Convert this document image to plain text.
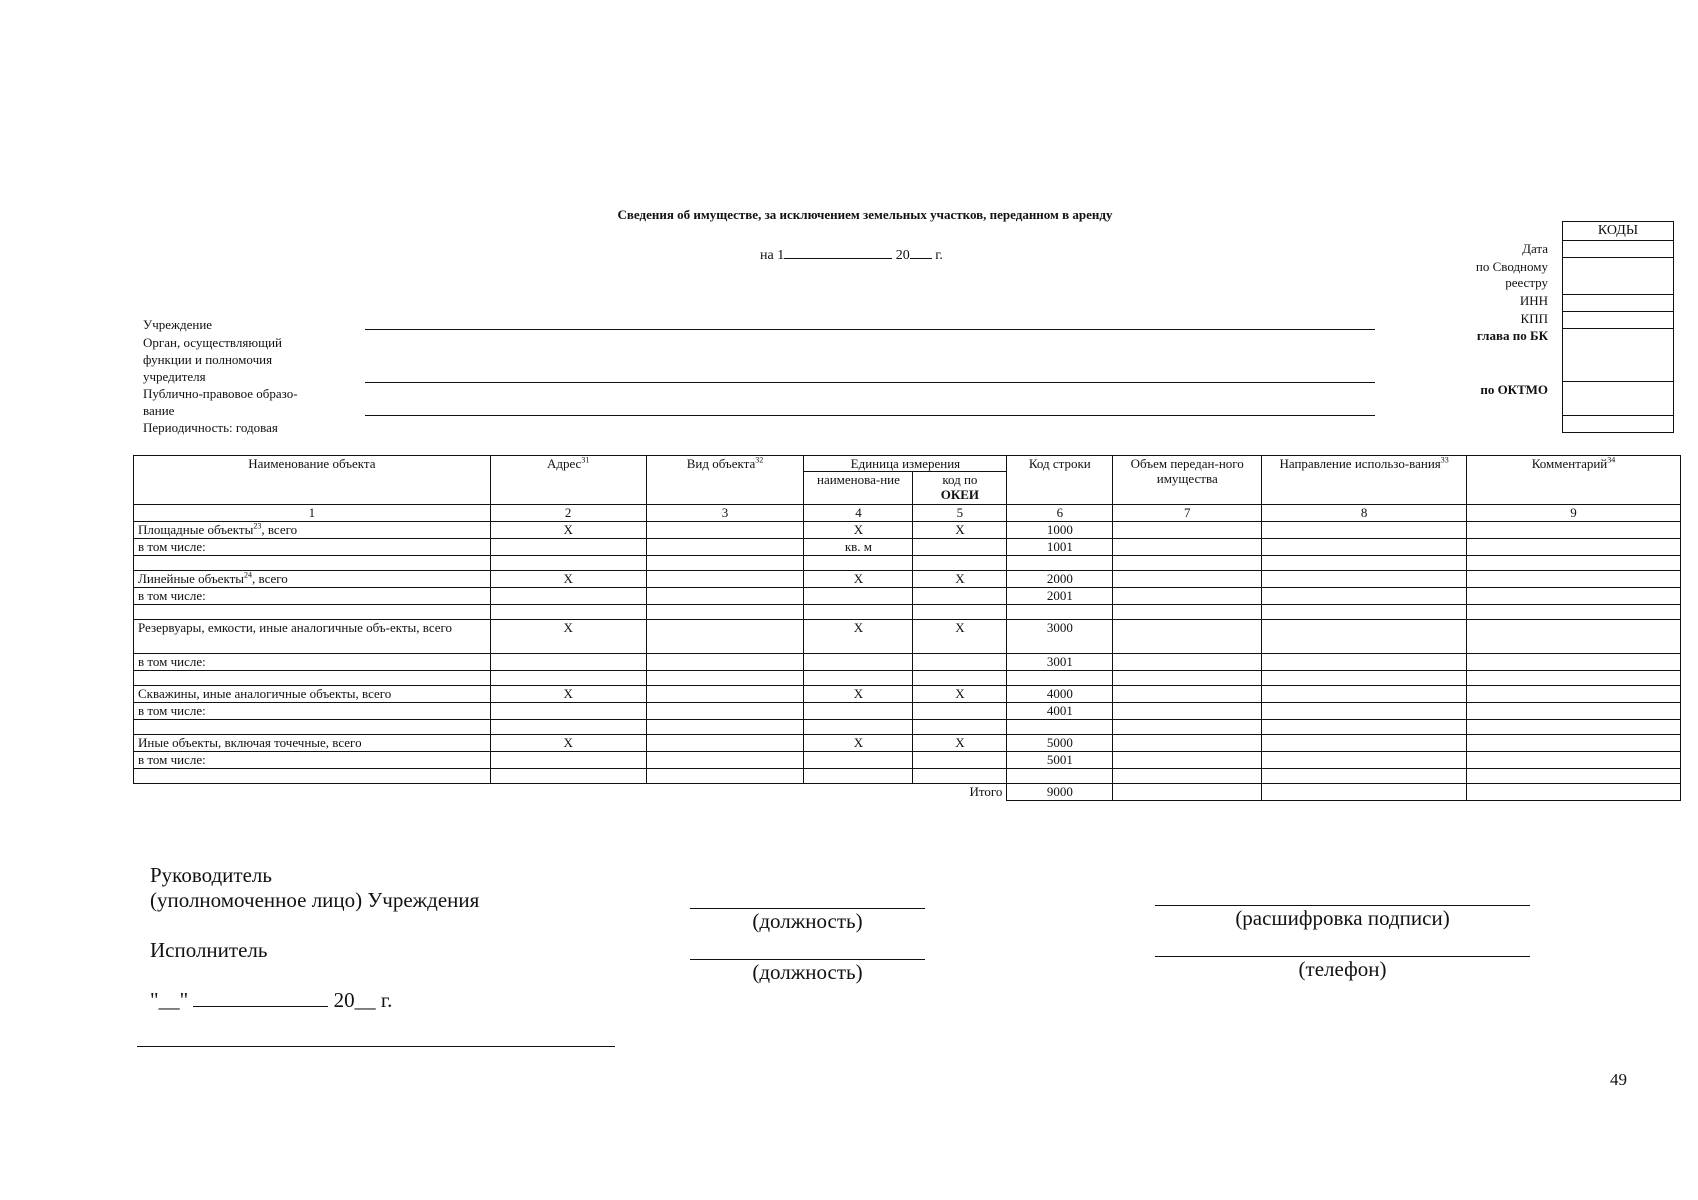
Сведения об имуществе, за исключением земельных участков, переданном в аренду
на 1	20 г.
КОДЫ
Дата
по Сводному реестру
ИНН
КПП
глава по БК
по ОКТМО
Учреждение
Орган, осуществляющий
функции и полномочия
учредителя
Публично-правовое образо-
вание
Периодичность: годовая
Наименование объекта	Адрес$^{31}$	Вид объекта$^{32}$	Единица измерения		Код строки	Объем передан-ного имущества	Направление использо-вания$^{33}$	Комментарий$^{34}$
			наименова-ние	код по
ОКЕИ				
1	2	3	4	5	6	7	8	9
Площадные объекты$^{23}$, всего	X		X	X	1000			
в том числе:			кв. м		1001			

Линейные объекты$^{24}$, всего	X		X	X	2000			
в том числе:					2001			

Резервуары, емкости, иные аналогичные объ-екты, всего	X		X	X	3000			
в том числе:					3001			

Скважины, иные аналогичные объекты, всего	X		X	X	4000			
в том числе:					4001			

Иные объекты, включая точечные, всего	X		X	X	5000			
в том числе:					5001			

				Итого	9000			
Руководитель
(уполномоченное лицо) Учреждения
(должность)	(расшифровка подписи)
Исполнитель
(должность)	(телефон)
"__"	20__ г.
49
